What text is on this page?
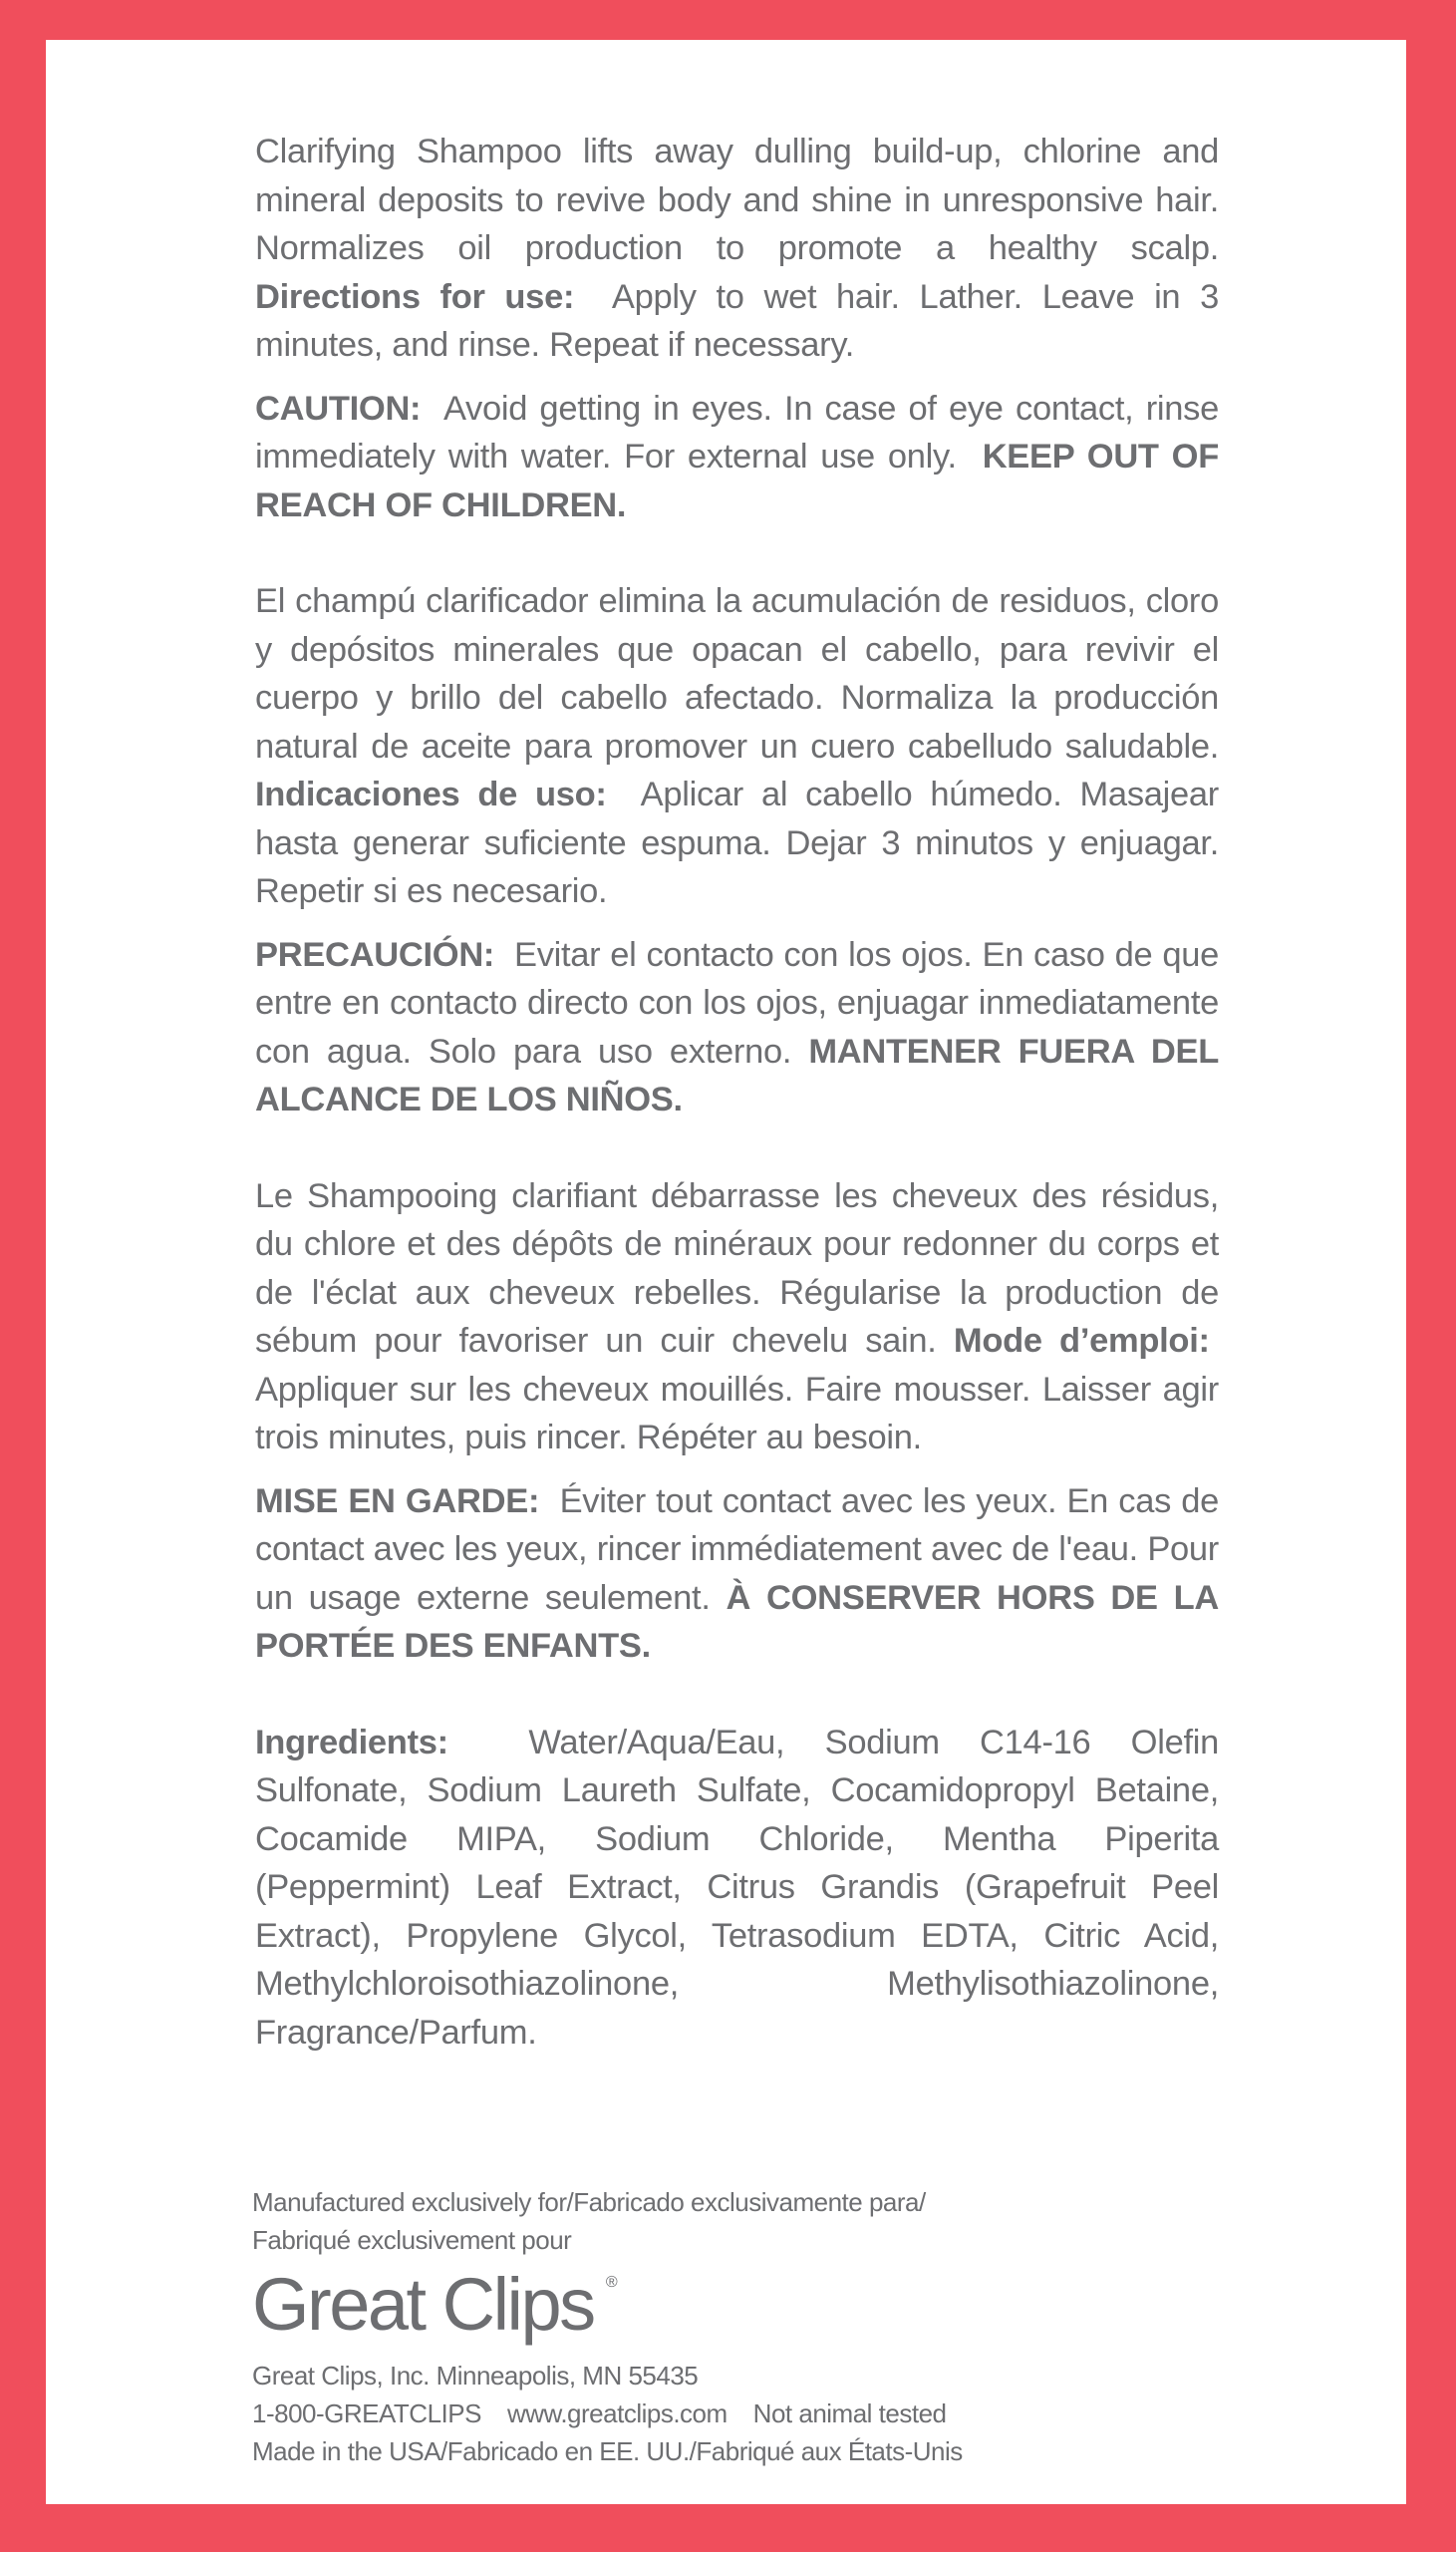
Clarifying Shampoo lifts away dulling build-up, chlorine and mineral deposits to revive body and shine in unresponsive hair. Normalizes oil production to promote a healthy scalp. Directions for use: Apply to wet hair. Lather. Leave in 3 minutes, and rinse. Repeat if necessary.

CAUTION: Avoid getting in eyes. In case of eye contact, rinse immediately with water. For external use only. KEEP OUT OF REACH OF CHILDREN.

El champú clarificador elimina la acumulación de residuos, cloro y depósitos minerales que opacan el cabello, para revivir el cuerpo y brillo del cabello afectado. Normaliza la producción natural de aceite para promover un cuero cabelludo saludable. Indicaciones de uso: Aplicar al cabello húmedo. Masajear hasta generar suficiente espuma. Dejar 3 minutos y enjuagar. Repetir si es necesario.

PRECAUCIÓN: Evitar el contacto con los ojos. En caso de que entre en contacto directo con los ojos, enjuagar inmediatamente con agua. Solo para uso externo. MANTENER FUERA DEL ALCANCE DE LOS NIÑOS.

Le Shampooing clarifiant débarrasse les cheveux des résidus, du chlore et des dépôts de minéraux pour redonner du corps et de l'éclat aux cheveux rebelles. Régularise la production de sébum pour favoriser un cuir chevelu sain. Mode d’emploi:  Appliquer sur les cheveux mouillés. Faire mousser. Laisser agir trois minutes, puis rincer. Répéter au besoin.

MISE EN GARDE: Éviter tout contact avec les yeux. En cas de contact avec les yeux, rincer immédiatement avec de l'eau. Pour un usage externe seulement. À CONSERVER HORS DE LA PORTÉE DES ENFANTS.

Ingredients: Water/Aqua/Eau, Sodium C14-16 Olefin Sulfonate, Sodium Laureth Sulfate, Cocamidopropyl Betaine, Cocamide MIPA, Sodium Chloride, Mentha Piperita (Peppermint) Leaf Extract, Citrus Grandis (Grapefruit Peel Extract), Propylene Glycol, Tetrasodium EDTA, Citric Acid, Methylchloroisothiazolinone, Methylisothiazolinone, Fragrance/Parfum.

Manufactured exclusively for/Fabricado exclusivamente para/
Fabriqué exclusivement pour
Great Clips ®
Great Clips, Inc. Minneapolis, MN 55435
1-800-GREATCLIPS www.greatclips.com Not animal tested
Made in the USA/Fabricado en EE. UU./Fabriqué aux États-Unis
